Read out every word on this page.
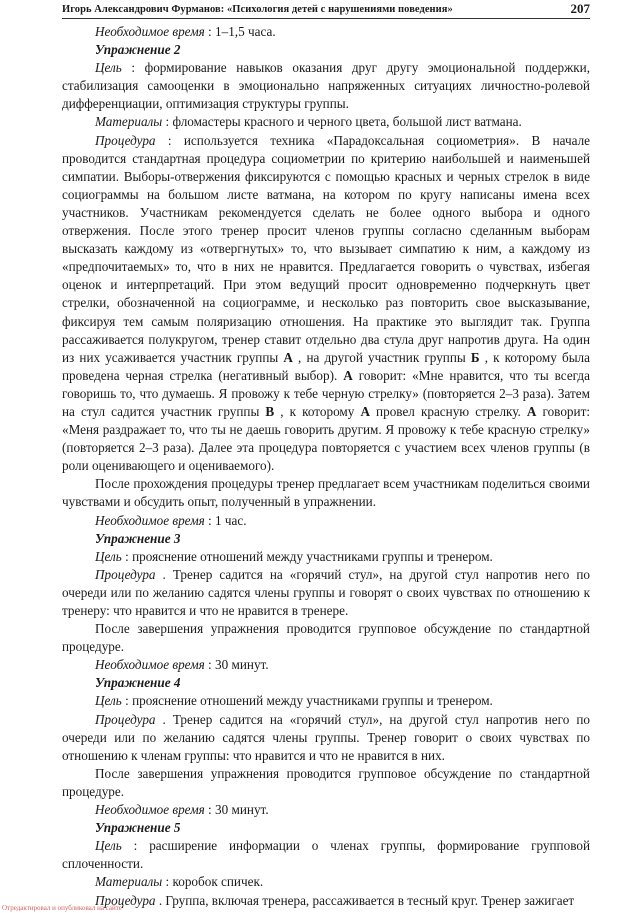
Игорь Александрович Фурманов: «Психология детей с нарушениями поведения»	207

Необходимое время : 1–1,5 часа.

Упражнение 2

Цель : формирование навыков оказания друг другу эмоциональной поддержки, стабилизация самооценки в эмоционально напряженных ситуациях личностно-ролевой дифференциации, оптимизация структуры группы.

Материалы : фломастеры красного и черного цвета, большой лист ватмана.

Процедура : используется техника «Парадоксальная социометрия». В начале проводится стандартная процедура социометрии по критерию наибольшей и наименьшей симпатии. Выборы-отвержения фиксируются с помощью красных и черных стрелок в виде социограммы на большом листе ватмана, на котором по кругу написаны имена всех участников. Участникам рекомендуется сделать не более одного выбора и одного отвержения. После этого тренер просит членов группы согласно сделанным выборам высказать каждому из «отвергнутых» то, что вызывает симпатию к ним, а каждому из «предпочитаемых» то, что в них не нравится. Предлагается говорить о чувствах, избегая оценок и интерпретаций. При этом ведущий просит одновременно подчеркнуть цвет стрелки, обозначенной на социограмме, и несколько раз повторить свое высказывание, фиксируя тем самым поляризацию отношения. На практике это выглядит так. Группа рассаживается полукругом, тренер ставит отдельно два стула друг напротив друга. На один из них усаживается участник группы А , на другой участник группы Б , к которому была проведена черная стрелка (негативный выбор). А говорит: «Мне нравится, что ты всегда говоришь то, что думаешь. Я провожу к тебе черную стрелку» (повторяется 2–3 раза). Затем на стул садится участник группы В , к которому А провел красную стрелку. А говорит: «Меня раздражает то, что ты не даешь говорить другим. Я провожу к тебе красную стрелку» (повторяется 2–3 раза). Далее эта процедура повторяется с участием всех членов группы (в роли оценивающего и оцениваемого).

После прохождения процедуры тренер предлагает всем участникам поделиться своими чувствами и обсудить опыт, полученный в упражнении.

Необходимое время : 1 час.

Упражнение 3

Цель : прояснение отношений между участниками группы и тренером.

Процедура . Тренер садится на «горячий стул», на другой стул напротив него по очереди или по желанию садятся члены группы и говорят о своих чувствах по отношению к тренеру: что нравится и что не нравится в тренере.

После завершения упражнения проводится групповое обсуждение по стандартной процедуре.

Необходимое время : 30 минут.

Упражнение 4

Цель : прояснение отношений между участниками группы и тренером.

Процедура . Тренер садится на «горячий стул», на другой стул напротив него по очереди или по желанию садятся члены группы. Тренер говорит о своих чувствах по отношению к членам группы: что нравится и что не нравится в них.

После завершения упражнения проводится групповое обсуждение по стандартной процедуре.

Необходимое время : 30 минут.

Упражнение 5

Цель : расширение информации о членах группы, формирование групповой сплоченности.

Материалы : коробок спичек.

Процедура . Группа, включая тренера, рассаживается в тесный круг. Тренер зажигает

Отредактировал и опубликовал на сайте
